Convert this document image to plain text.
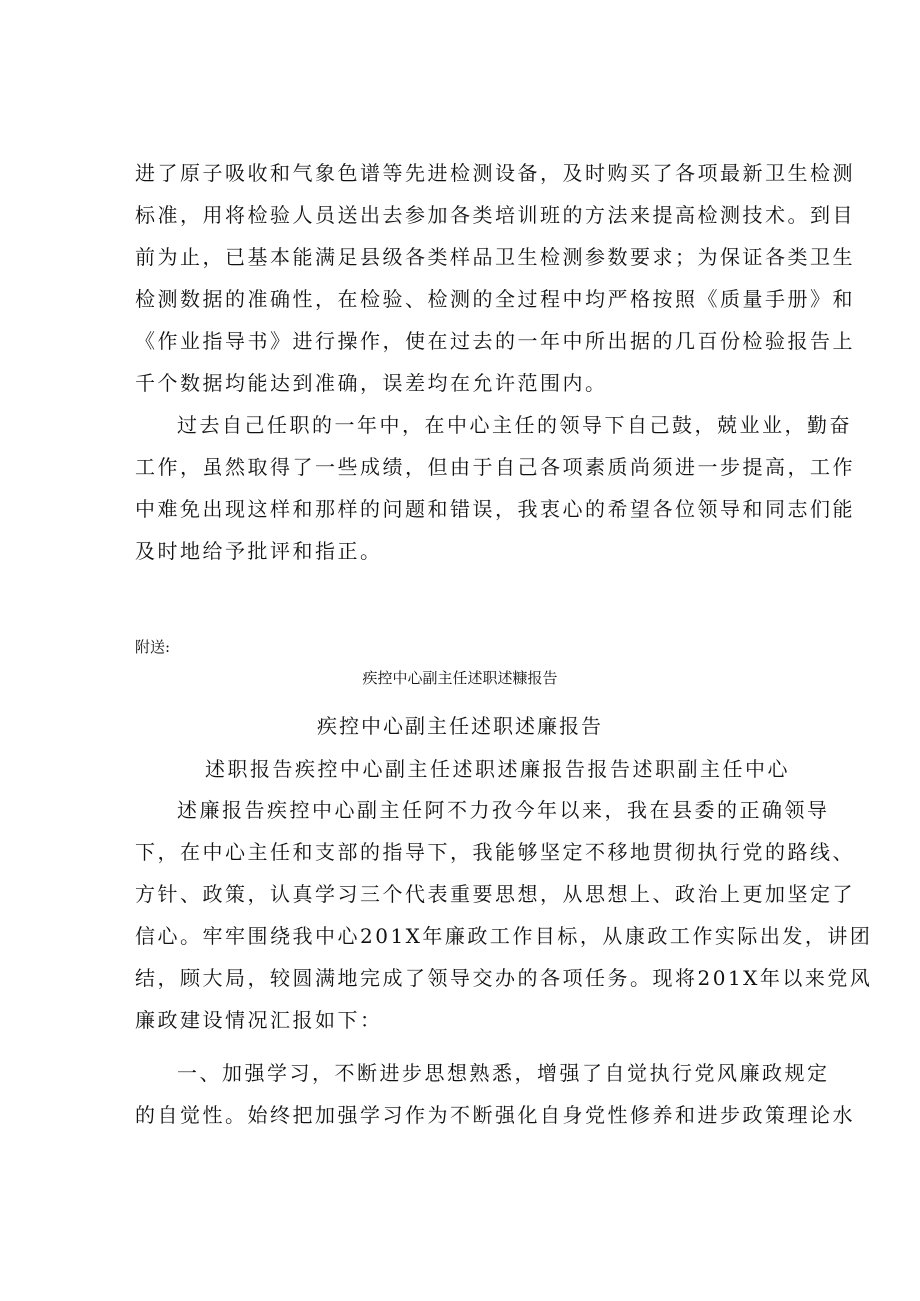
进了原子吸收和气象色谱等先进检测设备，及时购买了各项最新卫生检测
标准，用将检验人员送出去参加各类培训班的方法来提高检测技术。到目
前为止，已基本能满足县级各类样品卫生检测参数要求；为保证各类卫生
检测数据的准确性，在检验、检测的全过程中均严格按照《质量手册》和
《作业指导书》进行操作，使在过去的一年中所出据的几百份检验报告上
千个数据均能达到准确，误差均在允许范围内。
过去自己任职的一年中，在中心主任的领导下自己鼓，兢业业，勤奋
工作，虽然取得了一些成绩，但由于自己各项素质尚须进一步提高，工作
中难免出现这样和那样的问题和错误，我衷心的希望各位领导和同志们能
及时地给予批评和指正。
附送:
疾控中心副主任述职述糠报告
疾控中心副主任述职述廉报告
述职报告疾控中心副主任述职述廉报告报告述职副主任中心
述廉报告疾控中心副主任阿不力孜今年以来，我在县委的正确领导
下，在中心主任和支部的指导下，我能够坚定不移地贯彻执行党的路线、
方针、政策，认真学习三个代表重要思想，从思想上、政治上更加坚定了
信心。牢牢围绕我中心201X年廉政工作目标，从康政工作实际出发，讲团
结，顾大局，较圆满地完成了领导交办的各项任务。现将201X年以来党风
廉政建设情况汇报如下：
一、加强学习，不断进步思想熟悉，增强了自觉执行党风廉政规定
的自觉性。始终把加强学习作为不断强化自身党性修养和进步政策理论水
